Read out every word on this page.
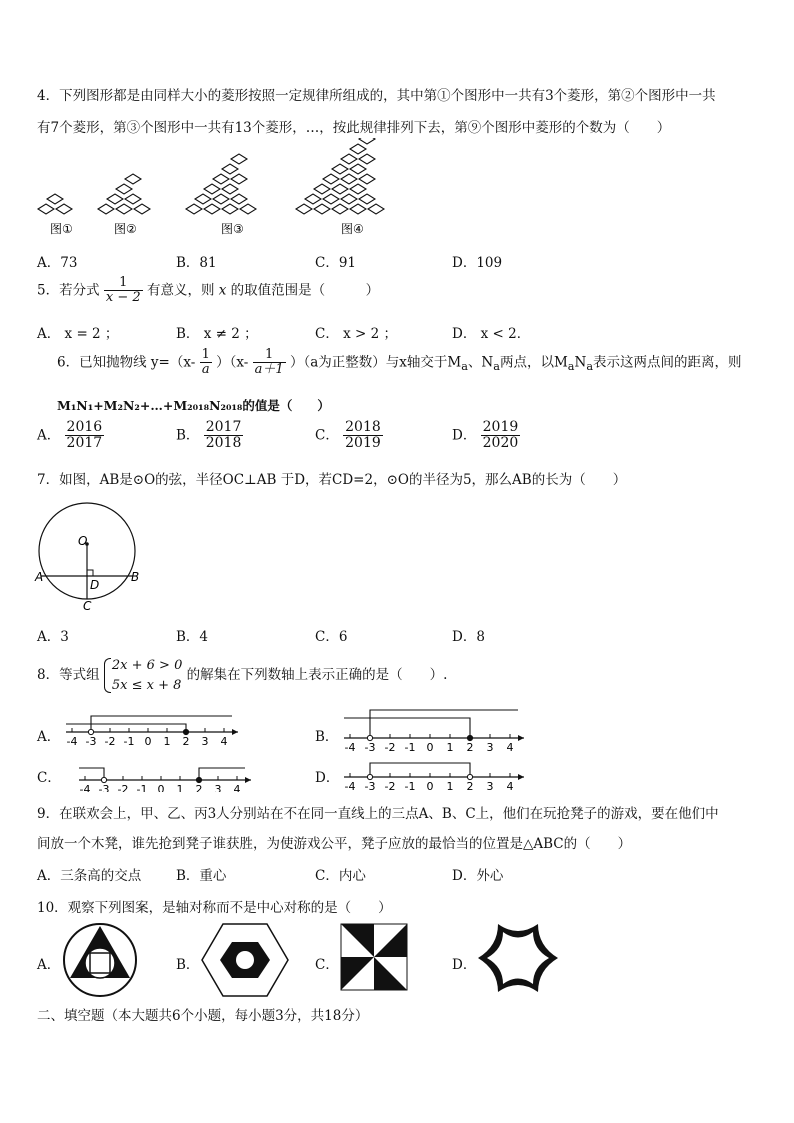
4．下列图形都是由同样大小的菱形按照一定规律所组成的，其中第①个图形中一共有3个菱形，第②个图形中一共
有7个菱形，第③个图形中一共有13个菱形，…，按此规律排列下去，第⑨个图形中菱形的个数为（　　）
图①	图②	图③	图④
A．73	B．81	C．91	D．109
5．若分式 $\frac{1}{x - 2}$ 有意义，则 x 的取值范围是（　　　）
A． x = 2 ；	B． x ≠ 2 ；	C． x > 2 ；	D． x < 2．
6．已知抛物线 $y=(x- \frac{1}{a} )(x- \frac{1}{a+1} )(a$为正整数）与x轴交于$M_a$、$N_a$两点，以$M_aN_a$表示这两点间的距离，则
M₁N₁+M₂N₂+…+M₂₀₁₈N₂₀₁₈的值是（　　）
A． $\frac{2016}{2017}$	B． $\frac{2017}{2018}$	C． $\frac{2018}{2019}$	D． $\frac{2019}{2020}$
7．如图，AB是⊙O的弦，半径OC⊥AB 于D，若CD=2，⊙O的半径为5，那么AB的长为（　　）
O
A	B
D
C
A．3	B．4	C．6	D．8
8．等式组
2x + 6 > 0
5x ≤ x + 8
的解集在下列数轴上表示正确的是（　　）.
A． -4 -3 -2 -1 0 1 2 3 4	B．
-4 -3 -2 -1 0 1 2 3 4
C．
-4 -3 -2 -1 0 1 2 3 4
D．
-4 -3 -2 -1 0 1 2 3 4
9．在联欢会上，甲、乙、丙3人分别站在不在同一直线上的三点A、B、C上，他们在玩抢凳子的游戏，要在他们中
间放一个木凳，谁先抢到凳子谁获胜，为使游戏公平，凳子应放的最恰当的位置是△ABC的（　　）
A．三条高的交点	B．重心	C．内心	D．外心
10．观察下列图案，是轴对称而不是中心对称的是（　　）
A．	B．	C．	D．
二、填空题（本大题共6个小题，每小题3分，共18分）
